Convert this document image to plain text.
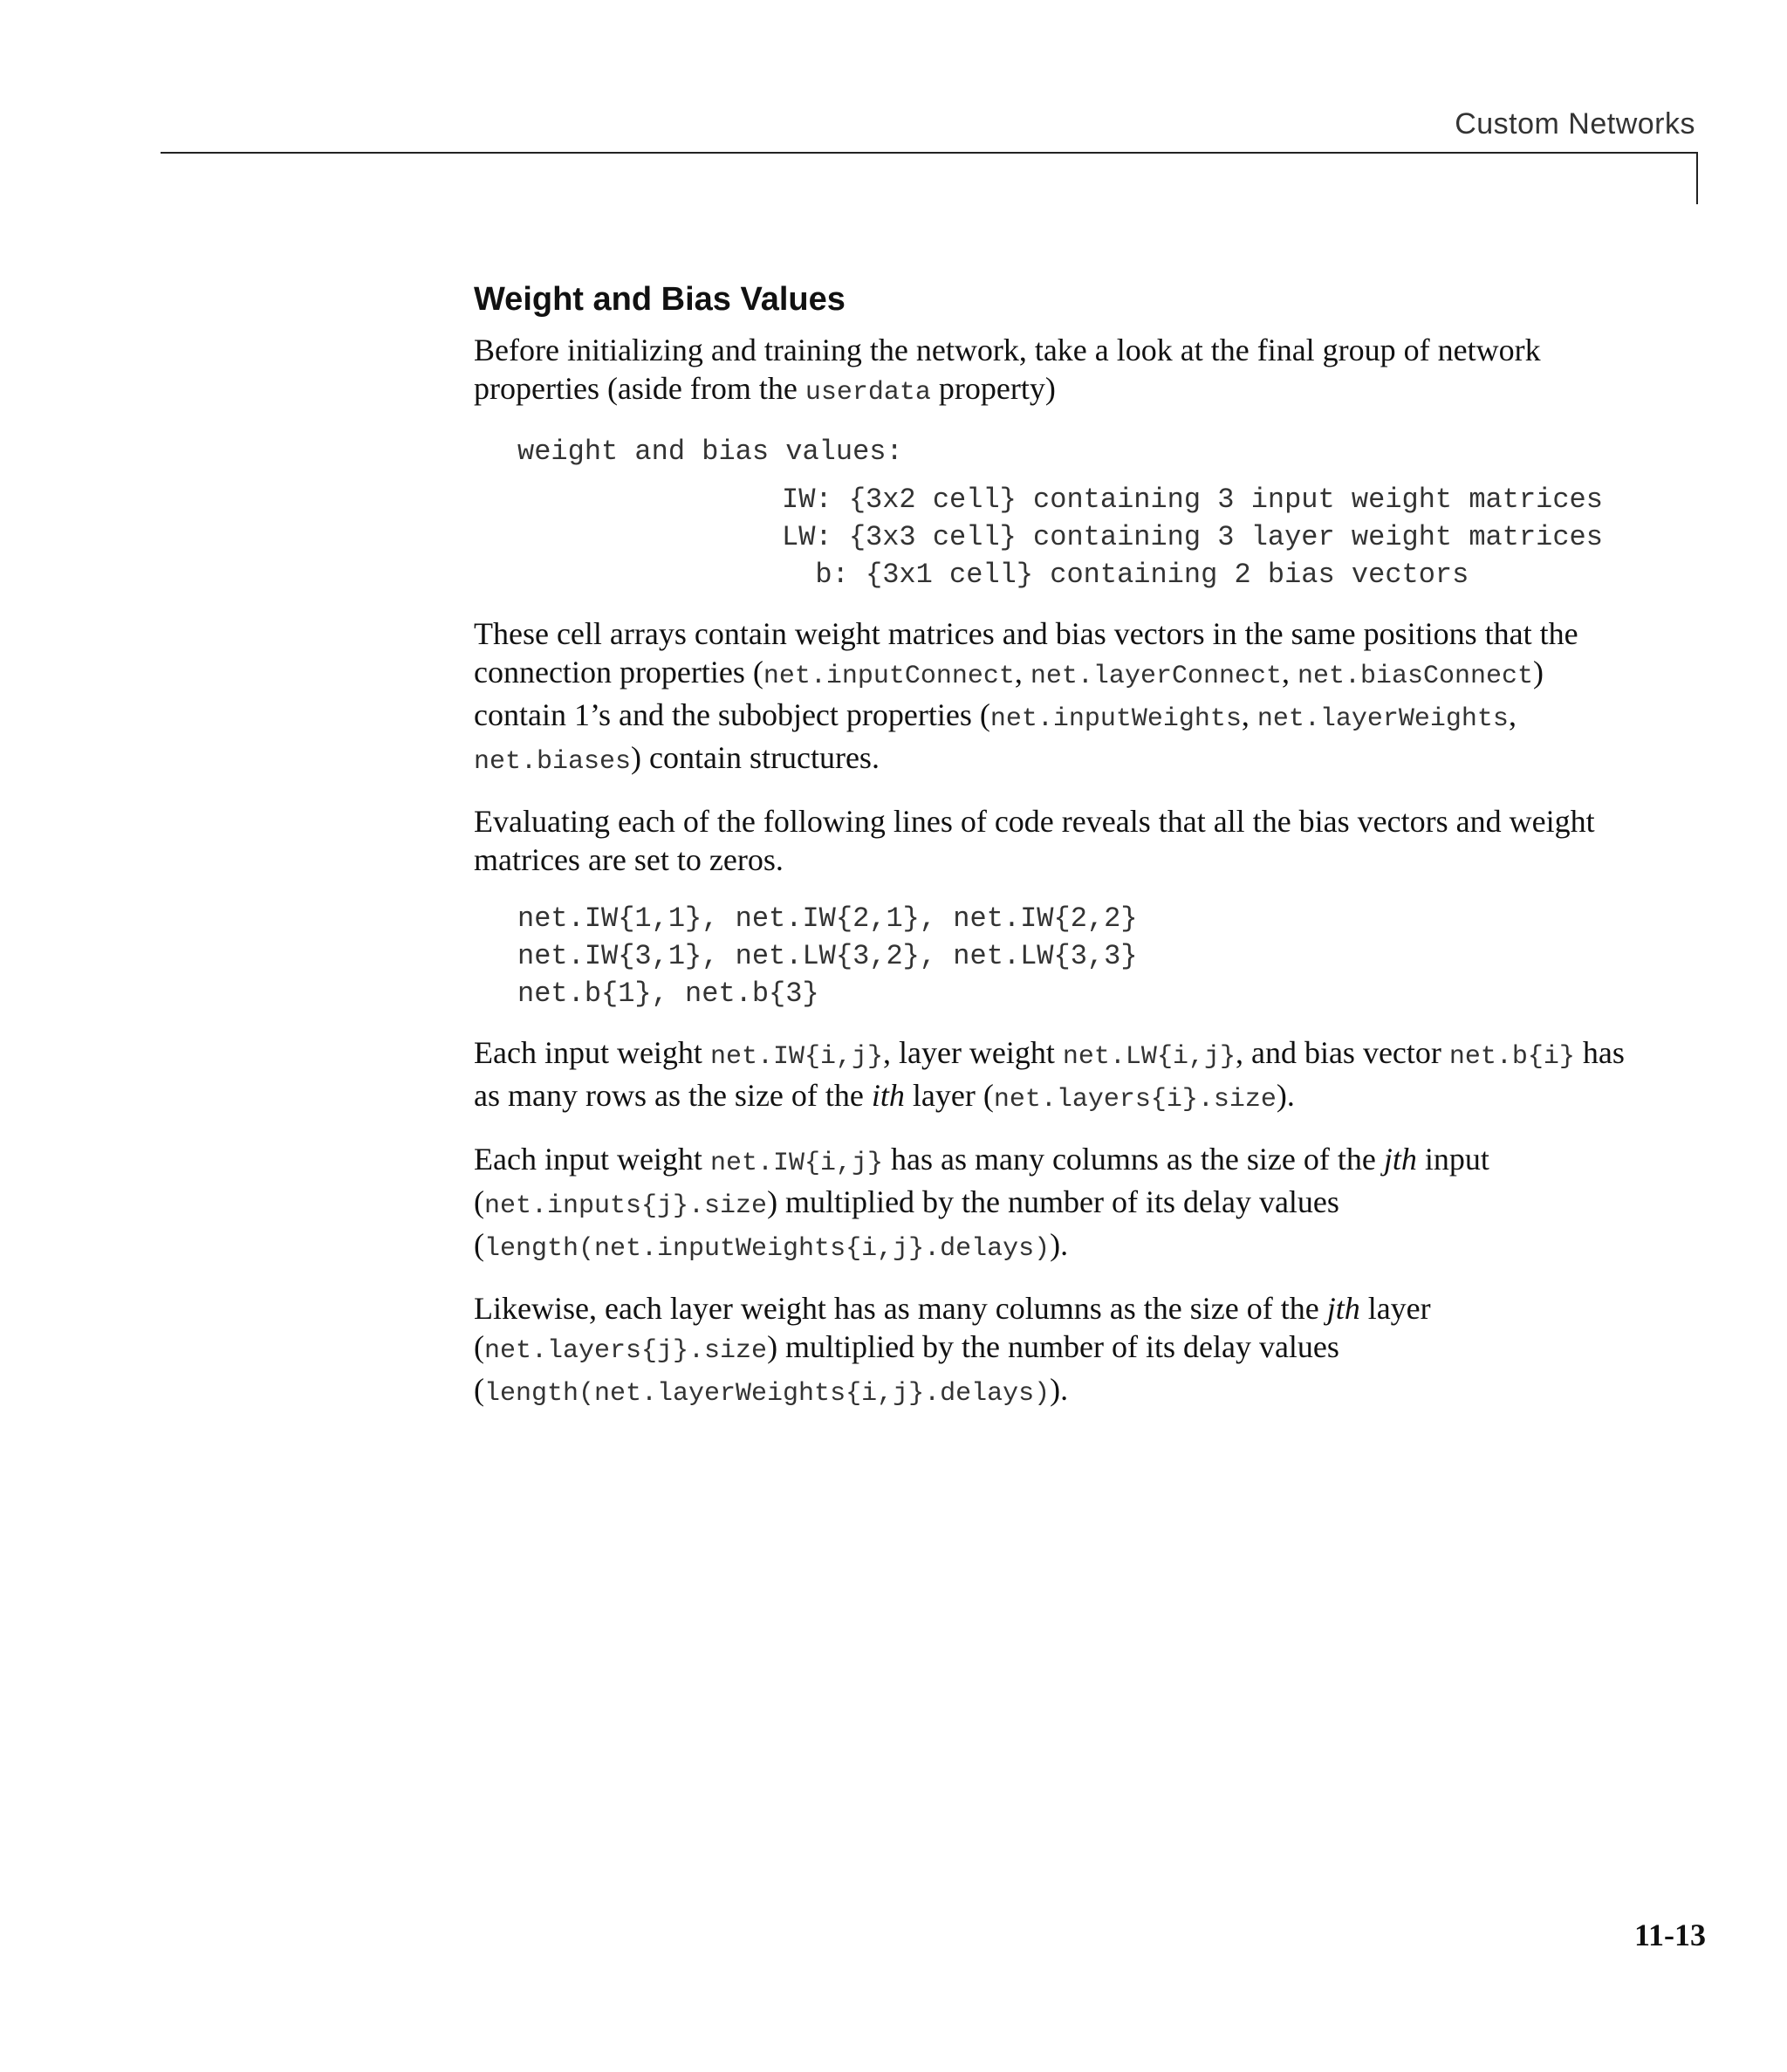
Custom Networks
Weight and Bias Values

Before initializing and training the network, take a look at the final group of network properties (aside from the userdata property)

weight and bias values:
IW: {3x2 cell} containing 3 input weight matrices
LW: {3x3 cell} containing 3 layer weight matrices
b: {3x1 cell} containing 2 bias vectors

These cell arrays contain weight matrices and bias vectors in the same positions that the connection properties (net.inputConnect, net.layerConnect, net.biasConnect) contain 1’s and the subobject properties (net.inputWeights, net.layerWeights, net.biases) contain structures.

Evaluating each of the following lines of code reveals that all the bias vectors and weight matrices are set to zeros.

net.IW{1,1}, net.IW{2,1}, net.IW{2,2}
net.IW{3,1}, net.LW{3,2}, net.LW{3,3}
net.b{1}, net.b{3}

Each input weight net.IW{i,j}, layer weight net.LW{i,j}, and bias vector net.b{i} has as many rows as the size of the ith layer (net.layers{i}.size).

Each input weight net.IW{i,j} has as many columns as the size of the jth input (net.inputs{j}.size) multiplied by the number of its delay values (length(net.inputWeights{i,j}.delays)).

Likewise, each layer weight has as many columns as the size of the jth layer (net.layers{j}.size) multiplied by the number of its delay values (length(net.layerWeights{i,j}.delays)).

11-13
